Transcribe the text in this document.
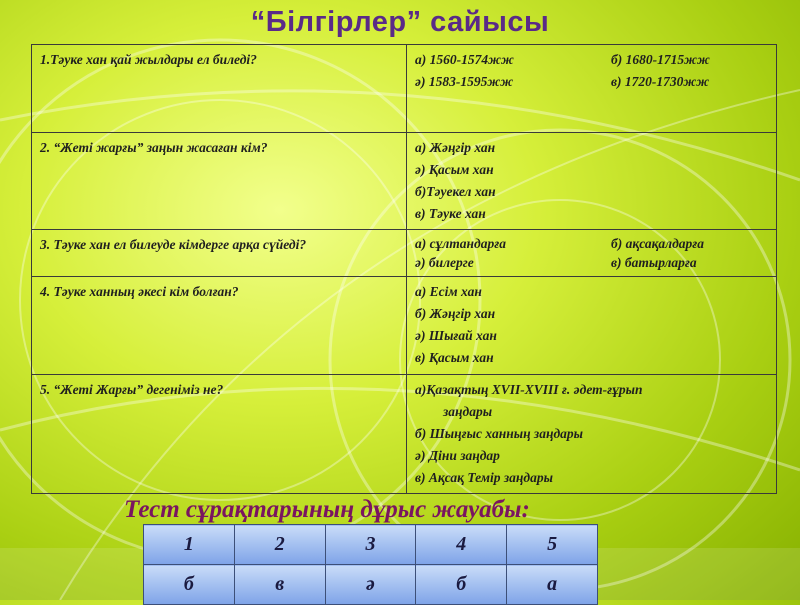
“Білгірлер” сайысы
1.Тәуке хан қай жылдары ел биледі?	а) 1560-1574жж б) 1680-1715жж
ә) 1583-1595жж в) 1720-1730жж

2. “Жеті жарғы” заңын жасаған кім?	а) Жәңгір хан
ә) Қасым хан
б)Тәуекел хан
в) Тәуке хан

3. Тәуке хан ел билеуде кімдерге арқа сүйеді?	а) сұлтандарға б) ақсақалдарға
ә) билерге в) батырларға

4. Тәуке ханның әкесі кім болған?	а) Есім хан
б) Жәңгір хан
ә) Шығай хан
в) Қасым хан

5. “Жеті Жарғы” дегеніміз не?	а)Қазақтың XVII-XVIII ғ. әдет-ғұрып
заңдары
б) Шыңғыс ханның заңдары
ә) Діни заңдар
в) Ақсақ Темір заңдары
Тест сұрақтарының дұрыс жауабы:
1	2	3	4	5
б	в	ә	б	а
